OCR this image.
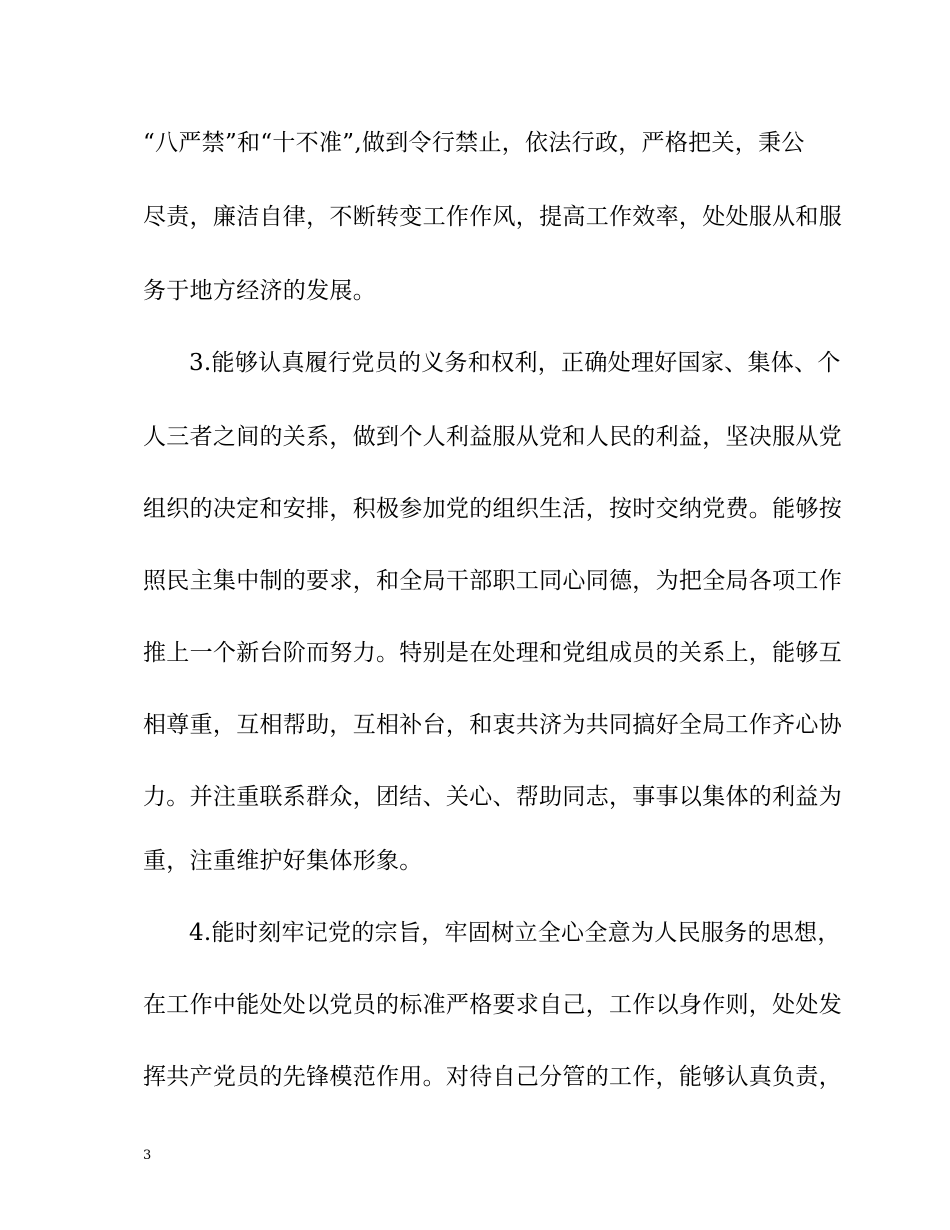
“八严禁”和“十不准”,做到令行禁止，依法行政，严格把关，秉公
尽责，廉洁自律，不断转变工作作风，提高工作效率，处处服从和服
务于地方经济的发展。
3.能够认真履行党员的义务和权利，正确处理好国家、集体、个
人三者之间的关系，做到个人利益服从党和人民的利益，坚决服从党
组织的决定和安排，积极参加党的组织生活，按时交纳党费。能够按
照民主集中制的要求，和全局干部职工同心同德，为把全局各项工作
推上一个新台阶而努力。特别是在处理和党组成员的关系上，能够互
相尊重，互相帮助，互相补台，和衷共济为共同搞好全局工作齐心协
力。并注重联系群众，团结、关心、帮助同志，事事以集体的利益为
重，注重维护好集体形象。
4.能时刻牢记党的宗旨，牢固树立全心全意为人民服务的思想，
在工作中能处处以党员的标准严格要求自己，工作以身作则，处处发
挥共产党员的先锋模范作用。对待自己分管的工作，能够认真负责，
3
